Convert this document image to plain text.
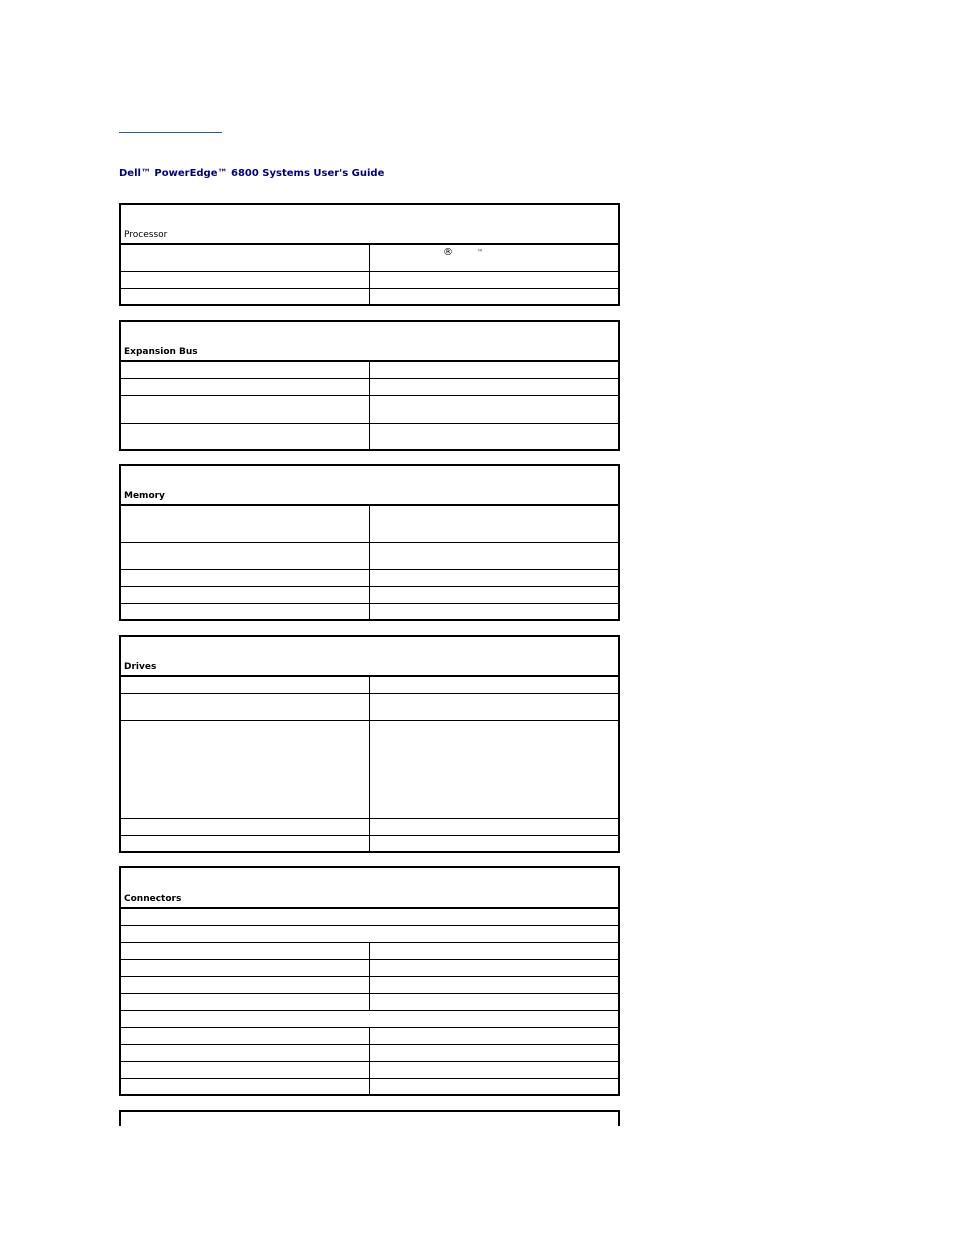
Dell™ PowerEdge™ 6800 Systems User's Guide
Processor	

	® ™

Expansion Bus	

Memory	

Drives	

Connectors	
